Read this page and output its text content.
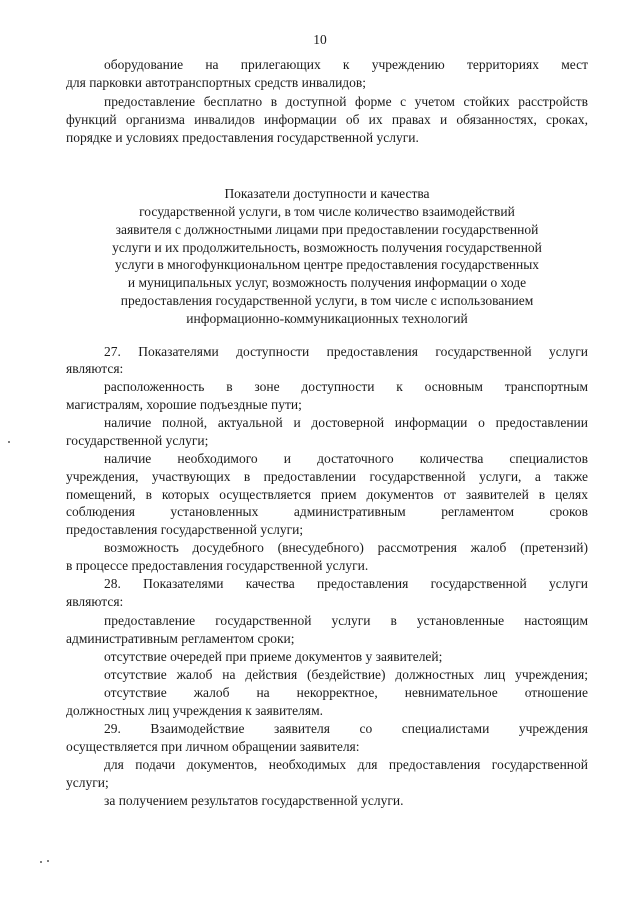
10
оборудование на прилегающих к учреждению территориях мест
для парковки автотранспортных средств инвалидов;
предоставление бесплатно в доступной форме с учетом стойких расстройств
функций организма инвалидов информации об их правах и обязанностях, сроках,
порядке и условиях предоставления государственной услуги.
Показатели доступности и качества
государственной услуги, в том числе количество взаимодействий
заявителя с должностными лицами при предоставлении государственной
услуги и их продолжительность, возможность получения государственной
услуги в многофункциональном центре предоставления государственных
и муниципальных услуг, возможность получения информации о ходе
предоставления государственной услуги, в том числе с использованием
информационно-коммуникационных технологий
27. Показателями доступности предоставления государственной услуги
являются:
расположенность в зоне доступности к основным транспортным
магистралям, хорошие подъездные пути;
наличие полной, актуальной и достоверной информации о предоставлении
государственной услуги;
наличие необходимого и достаточного количества специалистов
учреждения, участвующих в предоставлении государственной услуги, а также
помещений, в которых осуществляется прием документов от заявителей в целях
соблюдения установленных административным регламентом сроков
предоставления государственной услуги;
возможность досудебного (внесудебного) рассмотрения жалоб (претензий)
в процессе предоставления государственной услуги.
28. Показателями качества предоставления государственной услуги
являются:
предоставление государственной услуги в установленные настоящим
административным регламентом сроки;
отсутствие очередей при приеме документов у заявителей;
отсутствие жалоб на действия (бездействие) должностных лиц учреждения;
отсутствие жалоб на некорректное, невнимательное отношение
должностных лиц учреждения к заявителям.
29. Взаимодействие заявителя со специалистами учреждения
осуществляется при личном обращении заявителя:
для подачи документов, необходимых для предоставления государственной
услуги;
за получением результатов государственной услуги.
